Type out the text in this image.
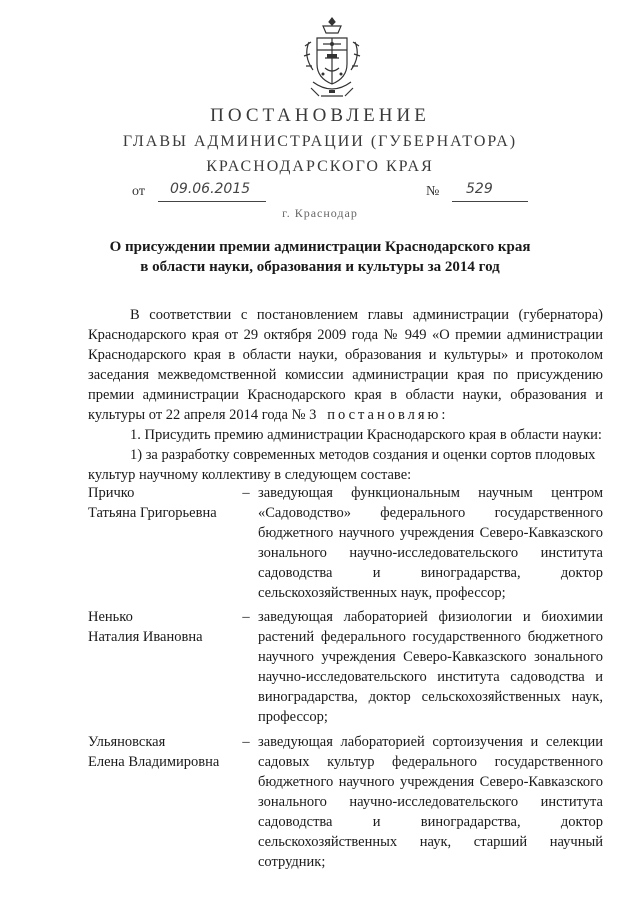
ПОСТАНОВЛЕНИЕ
ГЛАВЫ АДМИНИСТРАЦИИ (ГУБЕРНАТОРА)
КРАСНОДАРСКОГО КРАЯ
от 09.06.2015	№ 529
г. Краснодар
О присуждении премии администрации Краснодарского края
в области науки, образования и культуры за 2014 год
В соответствии с постановлением главы администрации (губернатора)
Краснодарского края от 29 октября 2009 года № 949 «О премии администрации
Краснодарского края в области науки, образования и культуры» и протоколом
заседания межведомственной комиссии администрации края по присуждению
премии администрации Краснодарского края в области науки, образования и
культуры от 22 апреля 2014 года № 3 постановляю:
1. Присудить премию администрации Краснодарского края в области науки:
1) за разработку современных методов создания и оценки сортов плодовых
культур научному коллективу в следующем составе:
Причко
Татьяна Григорьевна
– заведующая функциональным научным центром «Садоводство» федерального государственного бюджетного научного учреждения Северо-Кавказского зонального научно-исследовательского института садоводства и виноградарства, доктор сельскохозяйственных наук, профессор;
Ненько
Наталия Ивановна
– заведующая лабораторией физиологии и биохимии растений федерального государственного бюджетного научного учреждения Северо-Кавказского зонального научно-исследовательского института садоводства и виноградарства, доктор сельскохозяйственных наук, профессор;
Ульяновская
Елена Владимировна
– заведующая лабораторией сортоизучения и селекции садовых культур федерального государственного бюджетного научного учреждения Северо-Кавказского зонального научно-исследовательского института садоводства и виноградарства, доктор сельскохозяйственных наук, старший научный сотрудник;
